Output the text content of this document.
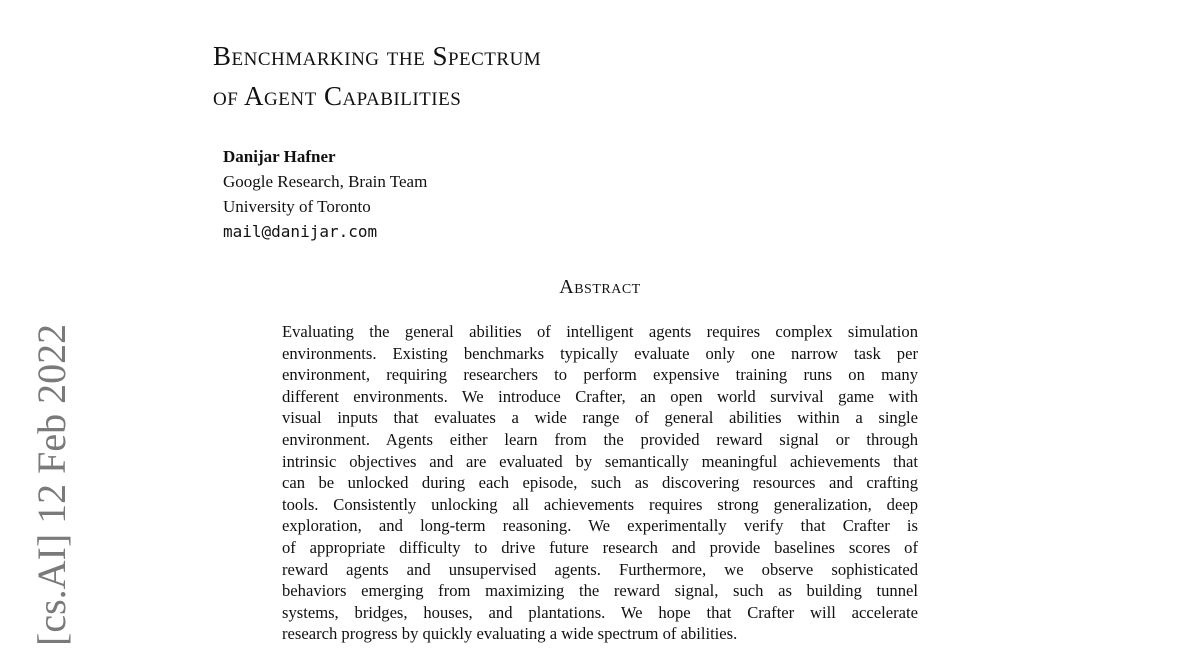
Benchmarking the Spectrum
of Agent Capabilities
Danijar Hafner
Google Research, Brain Team
University of Toronto
mail@danijar.com
Abstract
Evaluating the general abilities of intelligent agents requires complex simulation
environments. Existing benchmarks typically evaluate only one narrow task per
environment, requiring researchers to perform expensive training runs on many
different environments. We introduce Crafter, an open world survival game with
visual inputs that evaluates a wide range of general abilities within a single
environment. Agents either learn from the provided reward signal or through
intrinsic objectives and are evaluated by semantically meaningful achievements that
can be unlocked during each episode, such as discovering resources and crafting
tools. Consistently unlocking all achievements requires strong generalization, deep
exploration, and long-term reasoning. We experimentally verify that Crafter is
of appropriate difficulty to drive future research and provide baselines scores of
reward agents and unsupervised agents. Furthermore, we observe sophisticated
behaviors emerging from maximizing the reward signal, such as building tunnel
systems, bridges, houses, and plantations. We hope that Crafter will accelerate
research progress by quickly evaluating a wide spectrum of abilities.
[cs.AI] 12 Feb 2022
